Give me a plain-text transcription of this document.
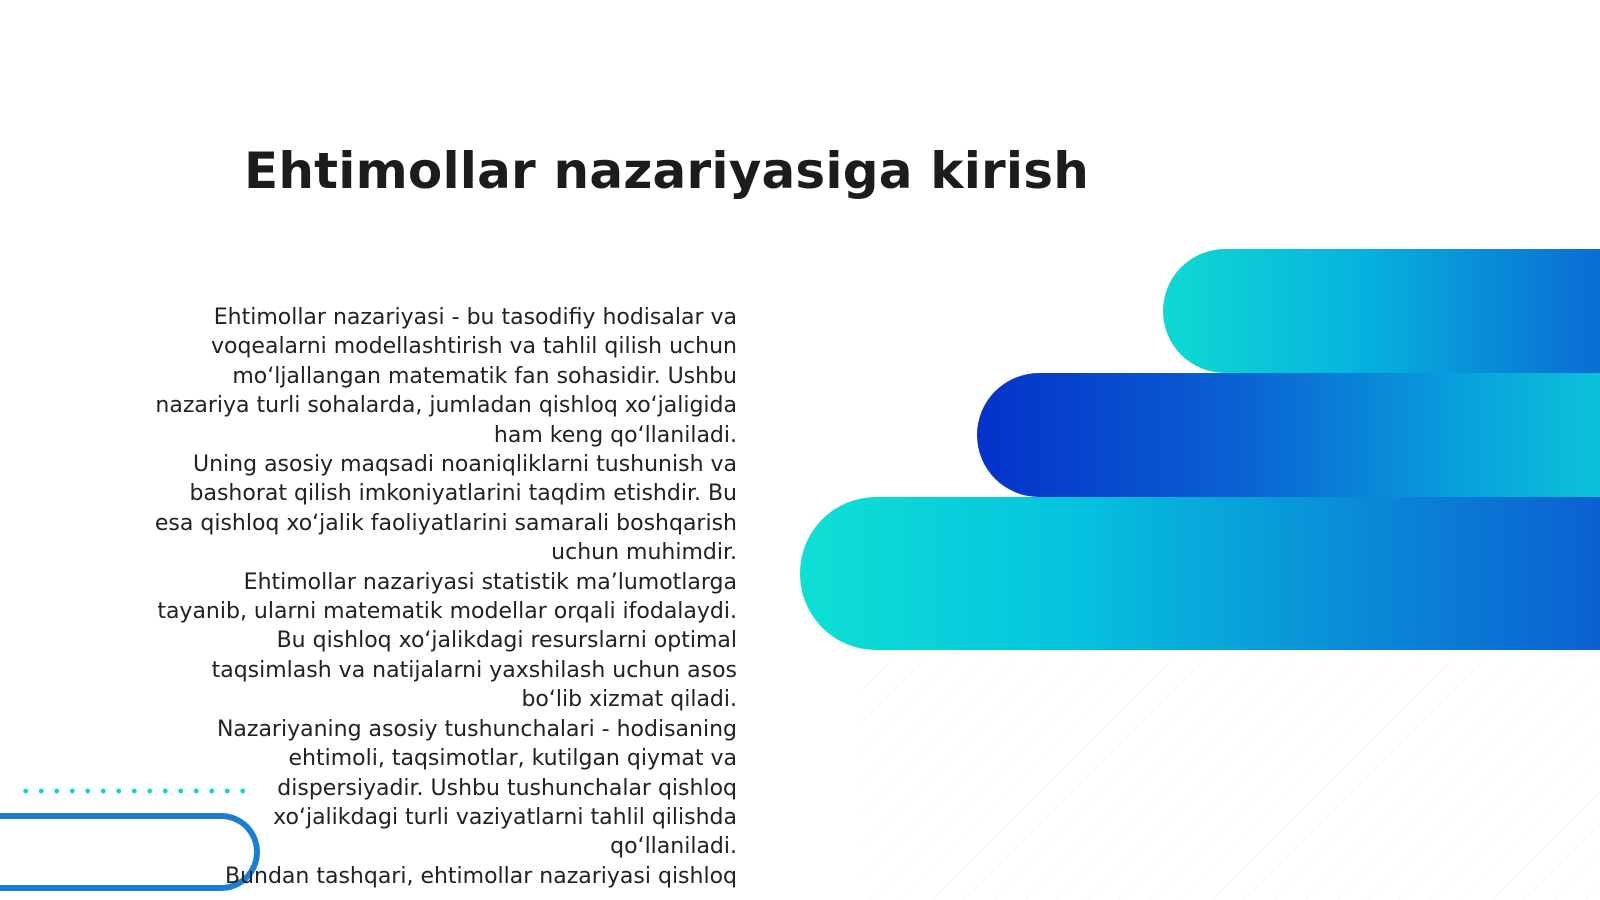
Ehtimollar nazariyasiga kirish

Ehtimollar nazariyasi - bu tasodifiy hodisalar va voqealarni modellashtirish va tahlil qilish uchun mo‘ljallangan matematik fan sohasidir. Ushbu nazariya turli sohalarda, jumladan qishloq xo‘jaligida ham keng qo‘llaniladi.

Uning asosiy maqsadi noaniqliklarni tushunish va bashorat qilish imkoniyatlarini taqdim etishdir. Bu esa qishloq xo‘jalik faoliyatlarini samarali boshqarish uchun muhimdir.

Ehtimollar nazariyasi statistik ma’lumotlarga tayanib, ularni matematik modellar orqali ifodalaydi. Bu qishloq xo‘jalikdagi resurslarni optimal taqsimlash va natijalarni yaxshilash uchun asos bo‘lib xizmat qiladi.

Nazariyaning asosiy tushunchalari - hodisaning ehtimoli, taqsimotlar, kutilgan qiymat va dispersiyadir. Ushbu tushunchalar qishloq xo‘jalikdagi turli vaziyatlarni tahlil qilishda qo‘llaniladi.

Bundan tashqari, ehtimollar nazariyasi qishloq
